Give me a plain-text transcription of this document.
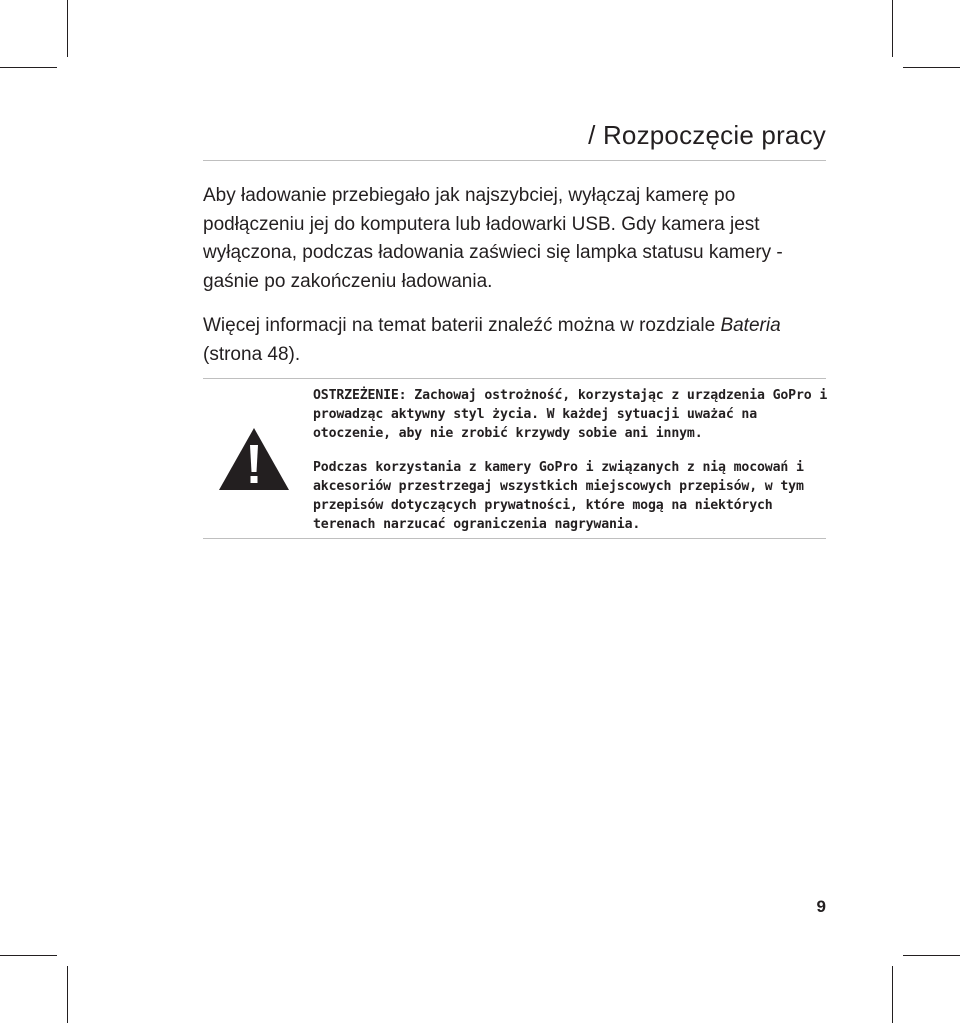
/ Rozpoczęcie pracy

Aby ładowanie przebiegało jak najszybciej, wyłączaj kamerę po podłączeniu jej do komputera lub ładowarki USB. Gdy kamera jest wyłączona, podczas ładowania zaświeci się lampka statusu kamery - gaśnie po zakończeniu ładowania.

Więcej informacji na temat baterii znaleźć można w rozdziale Bateria (strona 48).

OSTRZEŻENIE: Zachowaj ostrożność, korzystając z urządzenia GoPro i prowadząc aktywny styl życia. W każdej sytuacji uważać na otoczenie, aby nie zrobić krzywdy sobie ani innym.

Podczas korzystania z kamery GoPro i związanych z nią mocowań i akcesoriów przestrzegaj wszystkich miejscowych przepisów, w tym przepisów dotyczących prywatności, które mogą na niektórych terenach narzucać ograniczenia nagrywania.

9
